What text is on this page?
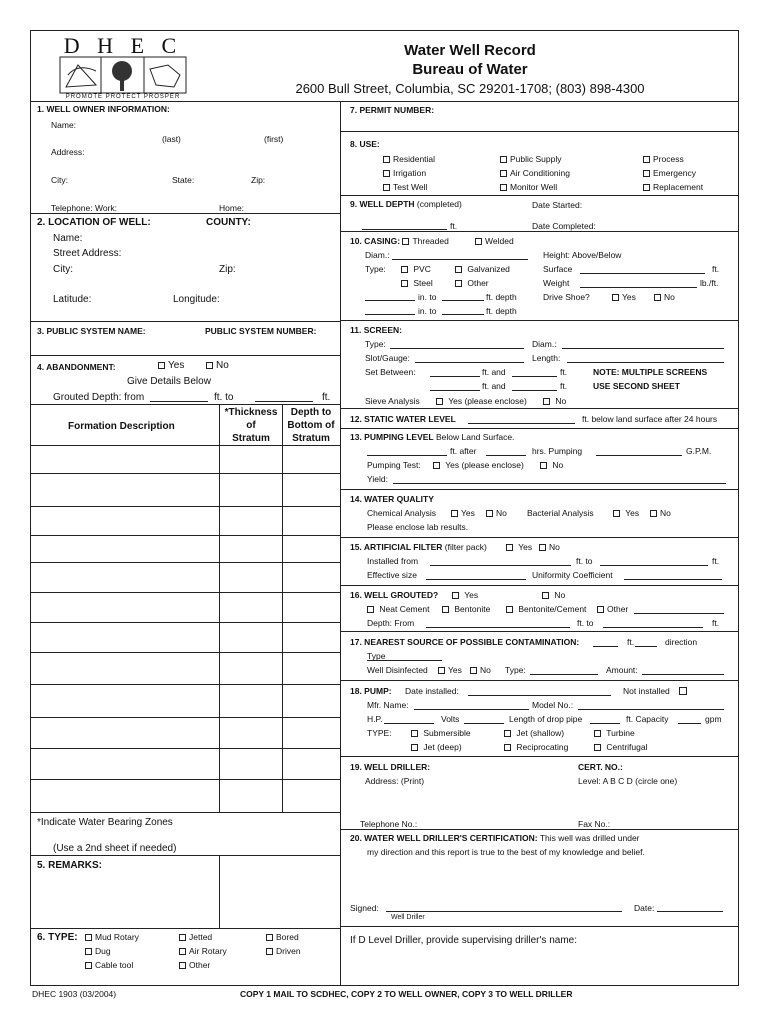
D H E C
PROMOTE PROTECT PROSPER
Water Well Record
Bureau of Water
2600 Bull Street, Columbia, SC 29201-1708; (803) 898-4300
1. WELL OWNER INFORMATION:
Name:
(last)	(first)
Address:
City:	State:	Zip:
Telephone: Work:	Home:
2. LOCATION OF WELL:	COUNTY:
Name:
Street Address:
City:	Zip:
Latitude:	Longitude:
3. PUBLIC SYSTEM NAME:	PUBLIC SYSTEM NUMBER:
4. ABANDONMENT:	Yes	No
Give Details Below
Grouted Depth: from	ft. to	ft.
Formation Description
*Thickness
of
Stratum
Depth to
Bottom of
Stratum
*Indicate Water Bearing Zones
(Use a 2nd sheet if needed)
5. REMARKS:
6. TYPE:	Mud Rotary
Dug
Cable tool
Jetted
Air Rotary
Other
Bored
Driven
7. PERMIT NUMBER:
8. USE:
Residential
Irrigation
Test Well
Public Supply
Air Conditioning
Monitor Well
Process
Emergency
Replacement
9. WELL DEPTH (completed)	Date Started:
ft.	Date Completed:
10. CASING: Threaded	Welded
Diam.:	Height: Above/Below
Type:	PVC	Galvanized	Surface	ft.
Steel	Other	Weight	lb./ft.
in. to	ft. depth	Drive Shoe?	Yes	No
in. to	ft. depth
11. SCREEN:
Type:	Diam.:
Slot/Gauge:	Length:
Set Between:	ft. and	ft.	NOTE: MULTIPLE SCREENS
ft. and	ft.	USE SECOND SHEET
Sieve Analysis	Yes (please enclose)	No
12. STATIC WATER LEVEL	ft. below land surface after 24 hours
13. PUMPING LEVEL Below Land Surface.
ft. after	hrs. Pumping	G.P.M.
Pumping Test:	Yes (please enclose)	No
Yield:
14. WATER QUALITY
Chemical Analysis	Yes	No Bacterial Analysis	Yes	No
Please enclose lab results.
15. ARTIFICIAL FILTER (filter pack)	Yes	No
Installed from	ft. to	ft.
Effective size	Uniformity Coefficient
16. WELL GROUTED?	Yes	No
Neat Cement	Bentonite	Bentonite/Cement	Other
Depth: From	ft. to	ft.
17. NEAREST SOURCE OF POSSIBLE CONTAMINATION:	ft.	direction
Type
Well Disinfected	Yes	No Type:	Amount:
18. PUMP: Date installed:	Not installed
Mfr. Name:	Model No.:
H.P.	Volts	Length of drop pipe	ft. Capacity	gpm
TYPE:	Submersible	Jet (shallow)	Turbine
Jet (deep)	Reciprocating	Centrifugal
19. WELL DRILLER:	CERT. NO.:
Address: (Print)	Level: A B C D (circle one)
Telephone No.:	Fax No.:
20. WATER WELL DRILLER'S CERTIFICATION: This well was drilled under
my direction and this report is true to the best of my knowledge and belief.
Signed:
Well Driller
Date:
If D Level Driller, provide supervising driller's name:
DHEC 1903 (03/2004)	COPY 1 MAIL TO SCDHEC, COPY 2 TO WELL OWNER, COPY 3 TO WELL DRILLER
